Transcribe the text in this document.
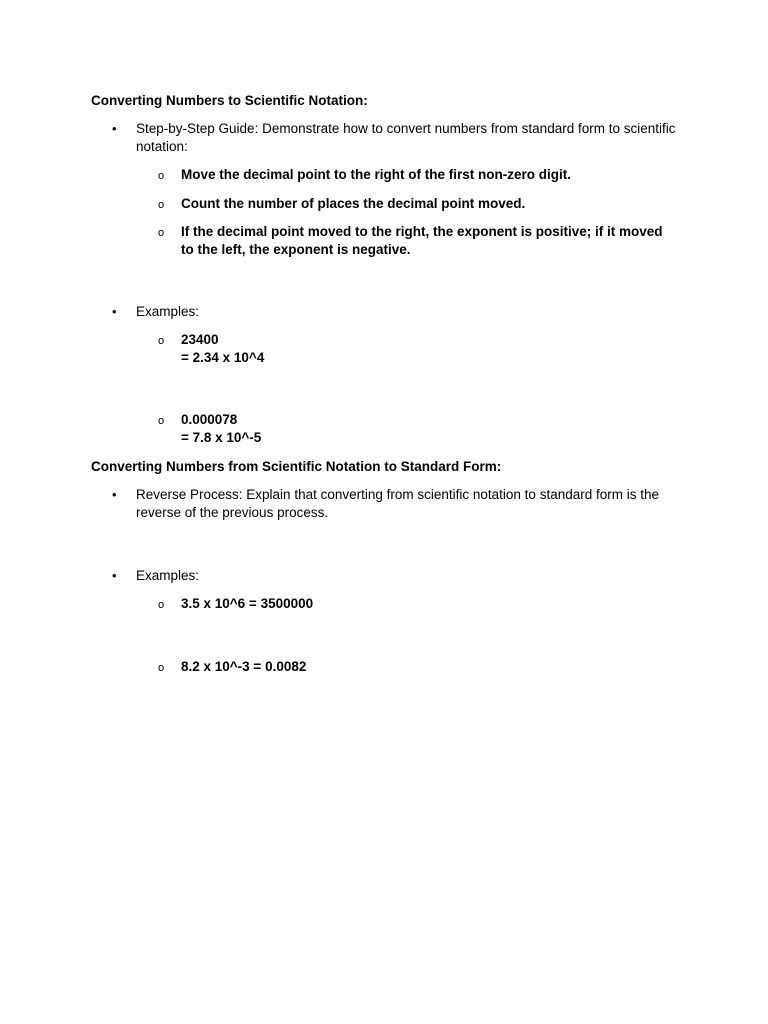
Converting Numbers to Scientific Notation:
•	Step-by-Step Guide: Demonstrate how to convert numbers from standard form to scientific notation:
o Move the decimal point to the right of the first non-zero digit.
o Count the number of places the decimal point moved.
o If the decimal point moved to the right, the exponent is positive; if it moved to the left, the exponent is negative.
•	Examples:
o 23400
= 2.34 x 10^4
o 0.000078
= 7.8 x 10^-5
Converting Numbers from Scientific Notation to Standard Form:
•	Reverse Process: Explain that converting from scientific notation to standard form is the reverse of the previous process.
•	Examples:
o 3.5 x 10^6 = 3500000
o 8.2 x 10^-3 = 0.0082
